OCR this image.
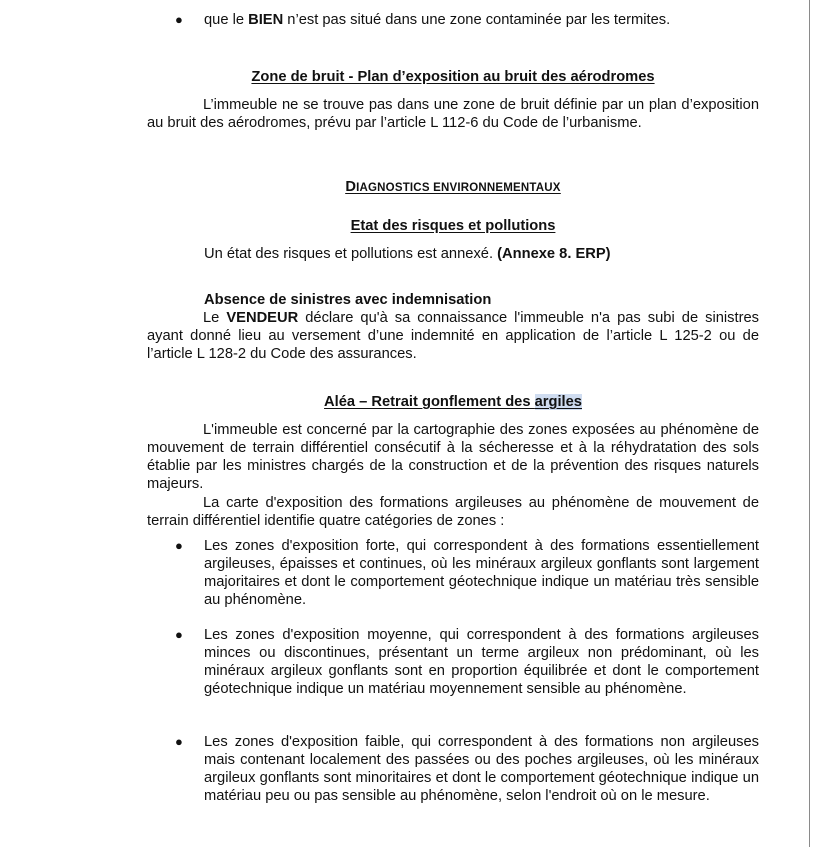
● que le BIEN n’est pas situé dans une zone contaminée par les termites.
Zone de bruit - Plan d’exposition au bruit des aérodromes
L’immeuble ne se trouve pas dans une zone de bruit définie par un plan d’exposition au bruit des aérodromes, prévu par l’article L 112-6 du Code de l’urbanisme.
DIAGNOSTICS ENVIRONNEMENTAUX
Etat des risques et pollutions
Un état des risques et pollutions est annexé. (Annexe 8. ERP)
Absence de sinistres avec indemnisation
Le VENDEUR déclare qu'à sa connaissance l'immeuble n'a pas subi de sinistres ayant donné lieu au versement d’une indemnité en application de l’article L 125-2 ou de l’article L 128-2 du Code des assurances.
Aléa – Retrait gonflement des argiles
L'immeuble est concerné par la cartographie des zones exposées au phénomène de mouvement de terrain différentiel consécutif à la sécheresse et à la réhydratation des sols établie par les ministres chargés de la construction et de la prévention des risques naturels majeurs.
La carte d'exposition des formations argileuses au phénomène de mouvement de terrain différentiel identifie quatre catégories de zones :
● Les zones d'exposition forte, qui correspondent à des formations essentiellement argileuses, épaisses et continues, où les minéraux argileux gonflants sont largement majoritaires et dont le comportement géotechnique indique un matériau très sensible au phénomène.
● Les zones d'exposition moyenne, qui correspondent à des formations argileuses minces ou discontinues, présentant un terme argileux non prédominant, où les minéraux argileux gonflants sont en proportion équilibrée et dont le comportement géotechnique indique un matériau moyennement sensible au phénomène.
● Les zones d'exposition faible, qui correspondent à des formations non argileuses mais contenant localement des passées ou des poches argileuses, où les minéraux argileux gonflants sont minoritaires et dont le comportement géotechnique indique un matériau peu ou pas sensible au phénomène, selon l'endroit où on le mesure.
